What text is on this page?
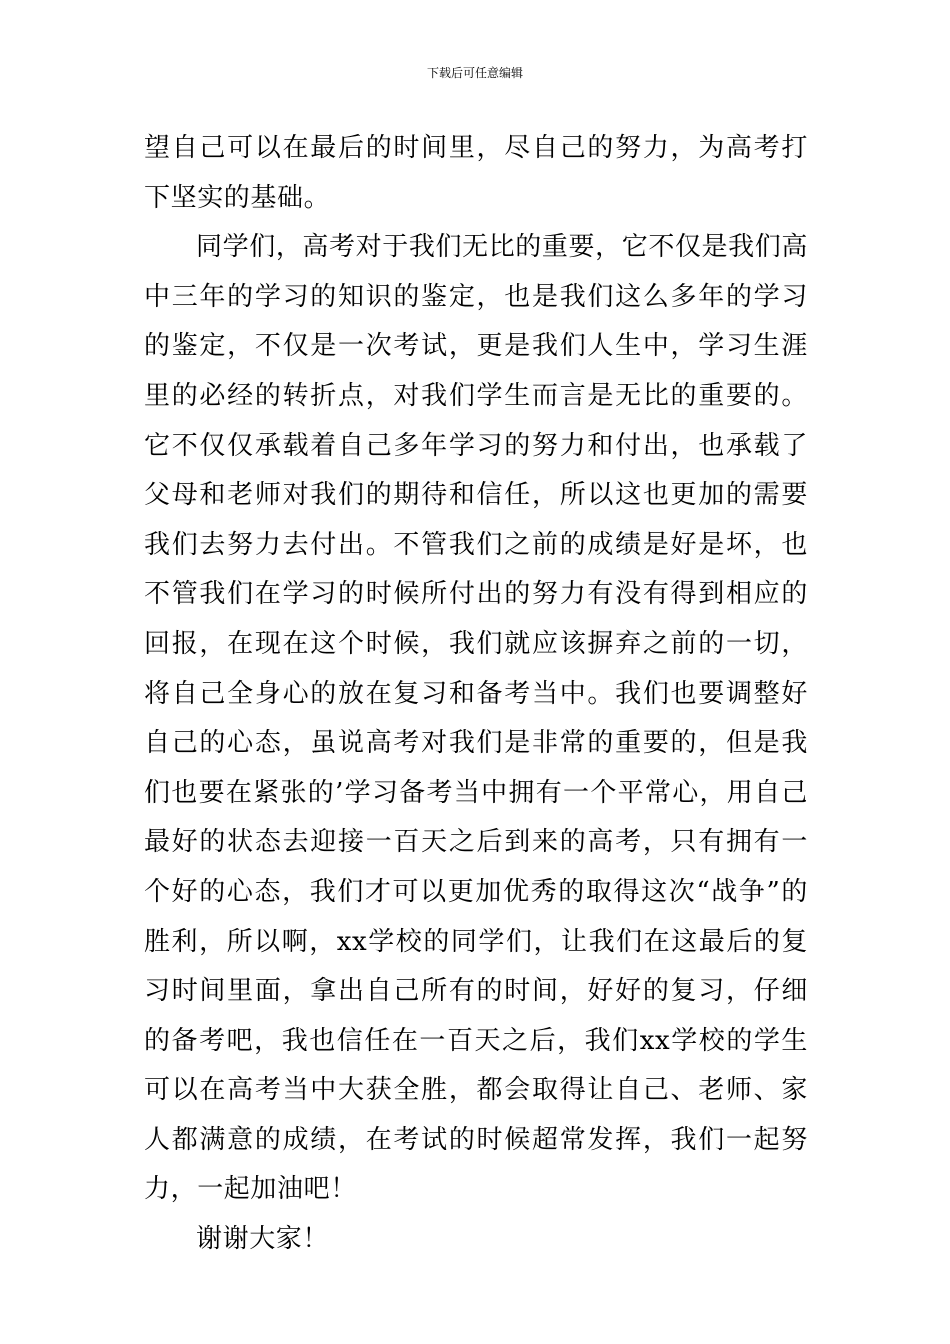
下载后可任意编辑

望自己可以在最后的时间里，尽自己的努力，为高考打下坚实的基础。

同学们，高考对于我们无比的重要，它不仅是我们高中三年的学习的知识的鉴定，也是我们这么多年的学习的鉴定，不仅是一次考试，更是我们人生中，学习生涯里的必经的转折点，对我们学生而言是无比的重要的。它不仅仅承载着自己多年学习的努力和付出，也承载了父母和老师对我们的期待和信任，所以这也更加的需要我们去努力去付出。不管我们之前的成绩是好是坏，也不管我们在学习的时候所付出的努力有没有得到相应的回报，在现在这个时候，我们就应该摒弃之前的一切，将自己全身心的放在复习和备考当中。我们也要调整好自己的心态，虽说高考对我们是非常的重要的，但是我们也要在紧张的’学习备考当中拥有一个平常心，用自己最好的状态去迎接一百天之后到来的高考，只有拥有一个好的心态，我们才可以更加优秀的取得这次“战争”的胜利，所以啊，xx学校的同学们，让我们在这最后的复习时间里面，拿出自己所有的时间，好好的复习，仔细的备考吧，我也信任在一百天之后，我们xx学校的学生可以在高考当中大获全胜，都会取得让自己、老师、家人都满意的成绩，在考试的时候超常发挥，我们一起努力，一起加油吧！

谢谢大家！
